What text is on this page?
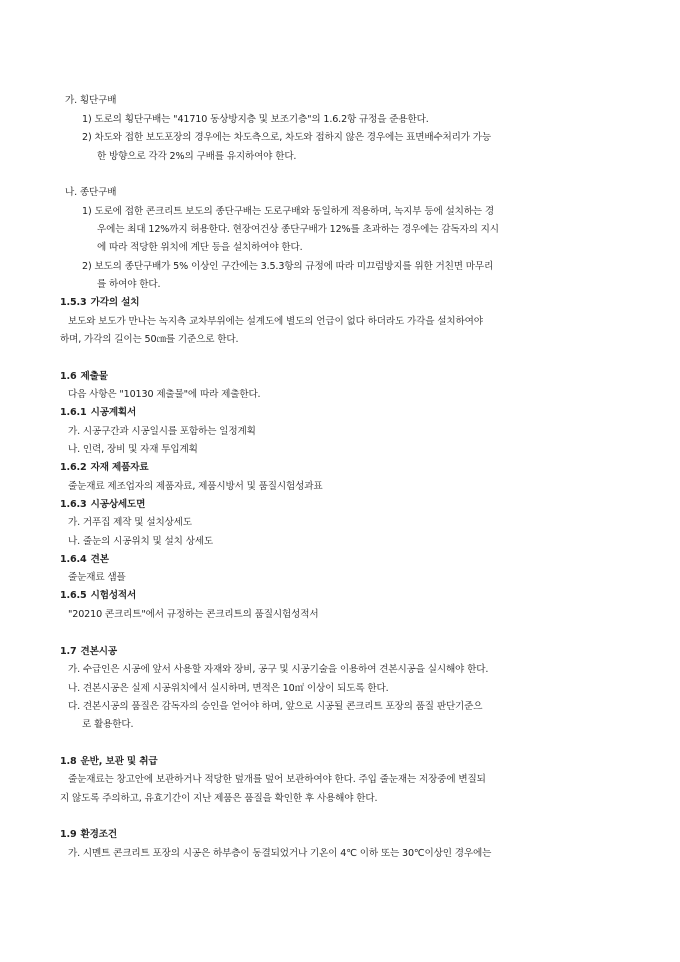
가. 횡단구배
1) 도로의 횡단구배는 "41710 동상방지층 및 보조기층"의 1.6.2항 규정을 준용한다.
2) 차도와 접한 보도포장의 경우에는 차도측으로, 차도와 접하지 않은 경우에는 표면배수처리가 가능
한 방향으로 각각 2%의 구배를 유지하여야 한다.
나. 종단구배
1) 도로에 접한 콘크리트 보도의 종단구배는 도로구배와 동일하게 적용하며, 녹지부 등에 설치하는 경
우에는 최대 12%까지 허용한다. 현장여건상 종단구배가 12%를 초과하는 경우에는 감독자의 지시
에 따라 적당한 위치에 계단 등을 설치하여야 한다.
2) 보도의 종단구배가 5% 이상인 구간에는 3.5.3항의 규정에 따라 미끄럼방지를 위한 거친면 마무리
를 하여야 한다.
1.5.3 가각의 설치
보도와 보도가 만나는 녹지측 교차부위에는 설계도에 별도의 언급이 없다 하더라도 가각을 설치하여야
하며, 가각의 길이는 50㎝를 기준으로 한다.
1.6 제출물
다음 사항은 "10130 제출물"에 따라 제출한다.
1.6.1 시공계획서
가. 시공구간과 시공일시를 포함하는 일정계획
나. 인력, 장비 및 자재 투입계획
1.6.2 자재 제품자료
줄눈재료 제조업자의 제품자료, 제품시방서 및 품질시험성과표
1.6.3 시공상세도면
가. 거푸집 제작 및 설치상세도
나. 줄눈의 시공위치 및 설치 상세도
1.6.4 견본
줄눈재료 샘플
1.6.5 시험성적서
"20210 콘크리트"에서 규정하는 콘크리트의 품질시험성적서
1.7 견본시공
가. 수급인은 시공에 앞서 사용할 자재와 장비, 공구 및 시공기술을 이용하여 견본시공을 실시해야 한다.
나. 견본시공은 실제 시공위치에서 실시하며, 면적은 10㎡ 이상이 되도록 한다.
다. 견본시공의 품질은 감독자의 승인을 얻어야 하며, 앞으로 시공될 콘크리트 포장의 품질 판단기준으
로 활용한다.
1.8 운반, 보관 및 취급
줄눈재료는 창고안에 보관하거나 적당한 덮개를 덮어 보관하여야 한다. 주입 줄눈재는 저장중에 변질되
지 않도록 주의하고, 유효기간이 지난 제품은 품질을 확인한 후 사용해야 한다.
1.9 환경조건
가. 시멘트 콘크리트 포장의 시공은 하부층이 동결되었거나 기온이 4℃ 이하 또는 30℃이상인 경우에는
